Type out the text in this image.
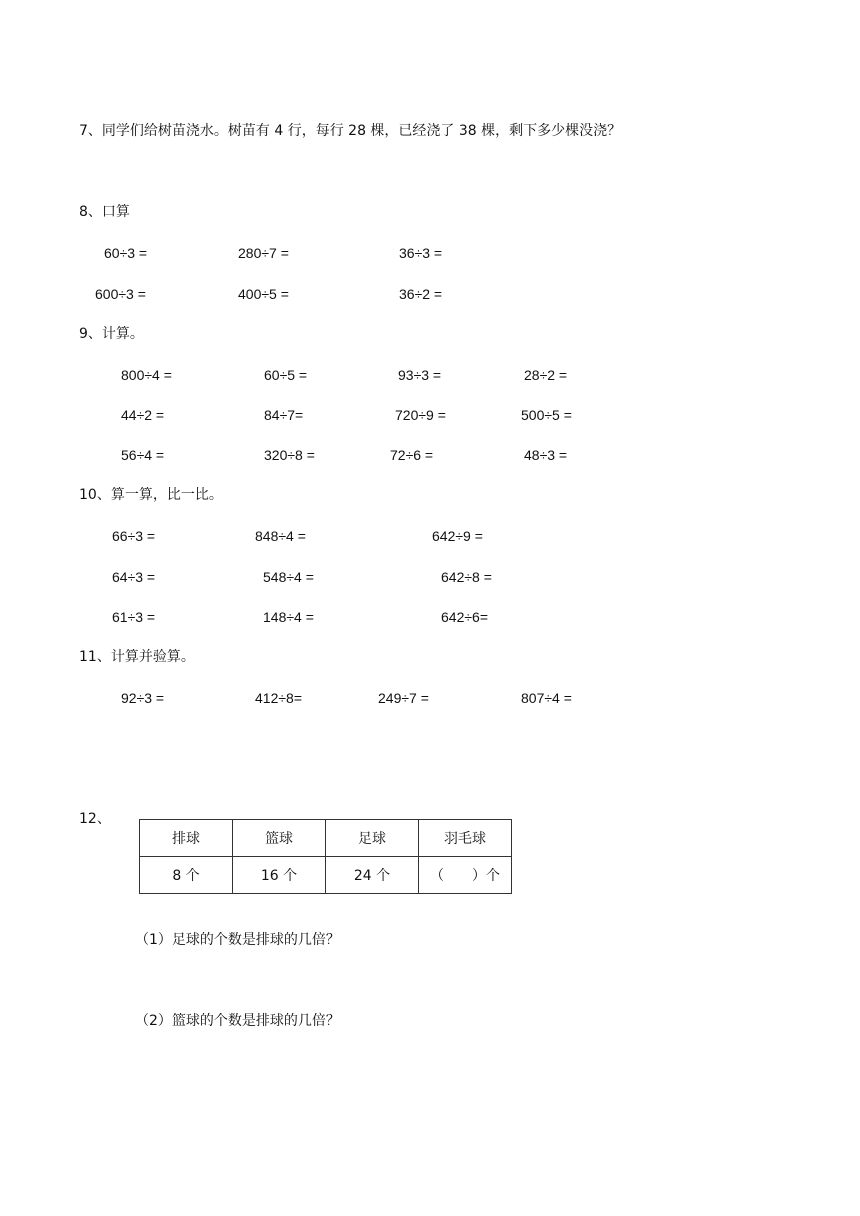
7、同学们给树苗浇水。树苗有 4 行，每行 28 棵，已经浇了 38 棵，剩下多少棵没浇？
8、口算
60÷3 =	280÷7 =	36÷3 =
600÷3 =	400÷5 =	36÷2 =
9、计算。
800÷4 =	60÷5 =	93÷3 =	28÷2 =
44÷2 =	84÷7=	720÷9 =	500÷5 =
56÷4 =	320÷8 =	72÷6 =	48÷3 =
10、算一算，比一比。
66÷3 =	848÷4 =	642÷9 =
64÷3 =	548÷4 =	642÷8 =
61÷3 =	148÷4 =	642÷6=
11、计算并验算。
92÷3 =	412÷8=	249÷7 =	807÷4 =
12、
排球	篮球	足球	羽毛球
8 个	16 个	24 个	（　　）个
（1）足球的个数是排球的几倍？
（2）篮球的个数是排球的几倍？
